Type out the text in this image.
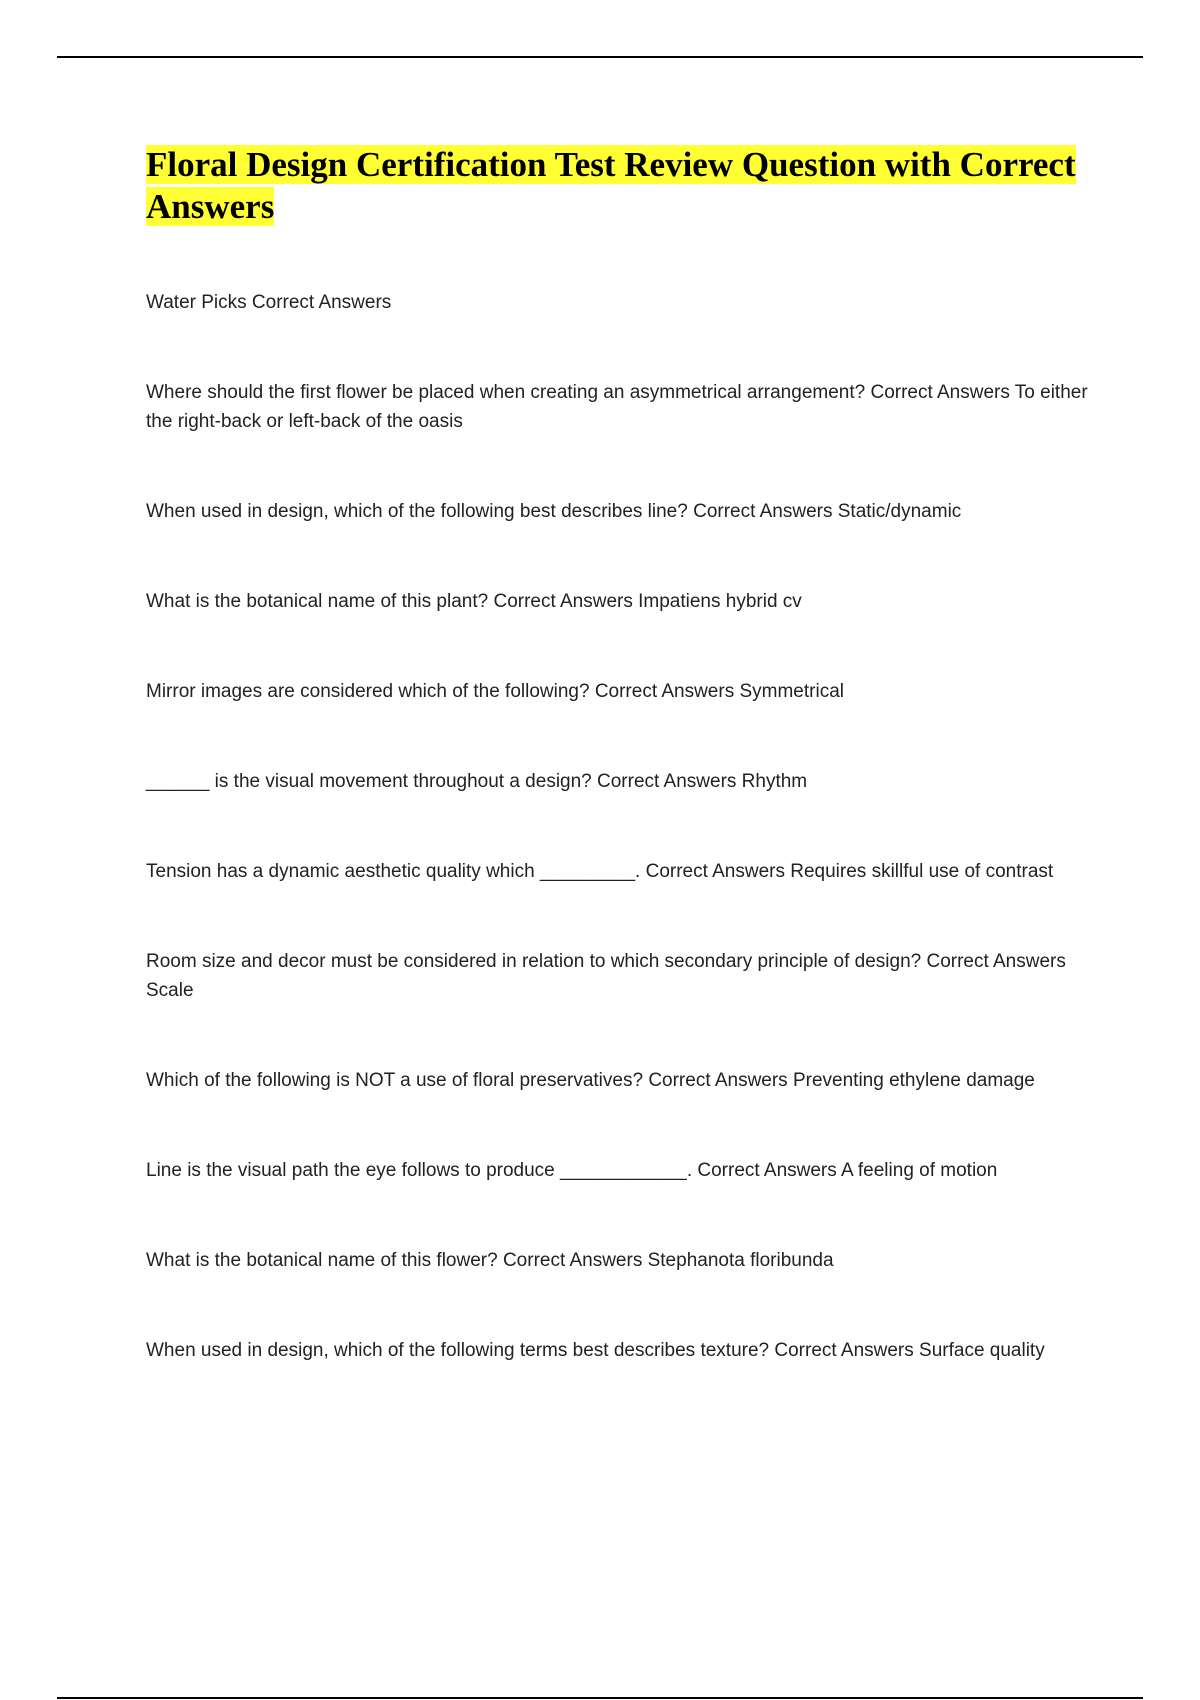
Floral Design Certification Test Review Question with Correct Answers

Water Picks Correct Answers

Where should the first flower be placed when creating an asymmetrical arrangement? Correct Answers To either the right-back or left-back of the oasis

When used in design, which of the following best describes line? Correct Answers Static/dynamic

What is the botanical name of this plant? Correct Answers Impatiens hybrid cv

Mirror images are considered which of the following? Correct Answers Symmetrical

______ is the visual movement throughout a design? Correct Answers Rhythm

Tension has a dynamic aesthetic quality which _________. Correct Answers Requires skillful use of contrast

Room size and decor must be considered in relation to which secondary principle of design? Correct Answers Scale

Which of the following is NOT a use of floral preservatives? Correct Answers Preventing ethylene damage

Line is the visual path the eye follows to produce ____________. Correct Answers A feeling of motion

What is the botanical name of this flower? Correct Answers Stephanota floribunda

When used in design, which of the following terms best describes texture? Correct Answers Surface quality
